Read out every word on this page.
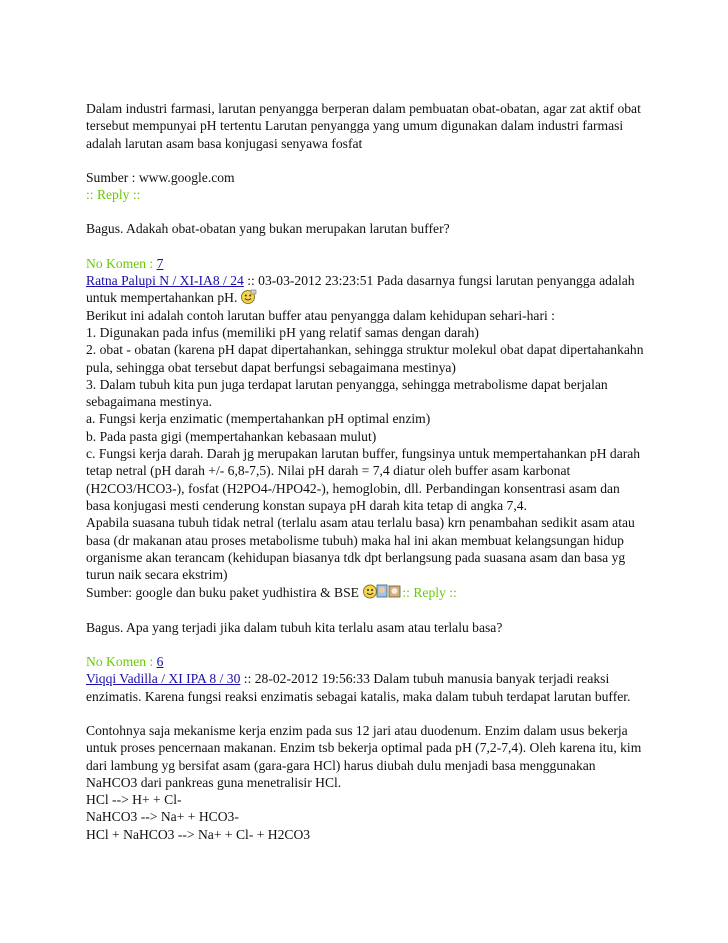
Dalam industri farmasi, larutan penyangga berperan dalam pembuatan obat-obatan, agar zat aktif obat tersebut mempunyai pH tertentu Larutan penyangga yang umum digunakan dalam industri farmasi adalah larutan asam basa konjugasi senyawa fosfat

Sumber : www.google.com

:: Reply ::

Bagus. Adakah obat-obatan yang bukan merupakan larutan buffer?

No Komen : 7

Ratna Palupi N / XI-IA8 / 24 :: 03-03-2012 23:23:51 Pada dasarnya fungsi larutan penyangga adalah untuk mempertahankan pH.

Berikut ini adalah contoh larutan buffer atau penyangga dalam kehidupan sehari-hari :

1. Digunakan pada infus (memiliki pH yang relatif samas dengan darah)

2. obat - obatan (karena pH dapat dipertahankan, sehingga struktur molekul obat dapat dipertahankahn pula, sehingga obat tersebut dapat berfungsi sebagaimana mestinya)

3. Dalam tubuh kita pun juga terdapat larutan penyangga, sehingga metrabolisme dapat berjalan sebagaimana mestinya.

a. Fungsi kerja enzimatic (mempertahankan pH optimal enzim)

b. Pada pasta gigi (mempertahankan kebasaan mulut)

c. Fungsi kerja darah. Darah jg merupakan larutan buffer, fungsinya untuk mempertahankan pH darah tetap netral (pH darah +/- 6,8-7,5). Nilai pH darah = 7,4 diatur oleh buffer asam karbonat (H2CO3/HCO3-), fosfat (H2PO4-/HPO42-), hemoglobin, dll. Perbandingan konsentrasi asam dan basa konjugasi mesti cenderung konstan supaya pH darah kita tetap di angka 7,4.

Apabila suasana tubuh tidak netral (terlalu asam atau terlalu basa) krn penambahan sedikit asam atau basa (dr makanan atau proses metabolisme tubuh) maka hal ini akan membuat kelangsungan hidup organisme akan terancam (kehidupan biasanya tdk dpt berlangsung pada suasana asam dan basa yg turun naik secara ekstrim)

Sumber: google dan buku paket yudhistira & BSE	:: Reply ::

Bagus. Apa yang terjadi jika dalam tubuh kita terlalu asam atau terlalu basa?

No Komen : 6

Viqqi Vadilla / XI IPA 8 / 30 :: 28-02-2012 19:56:33 Dalam tubuh manusia banyak terjadi reaksi enzimatis. Karena fungsi reaksi enzimatis sebagai katalis, maka dalam tubuh terdapat larutan buffer.

Contohnya saja mekanisme kerja enzim pada sus 12 jari atau duodenum. Enzim dalam usus bekerja untuk proses pencernaan makanan. Enzim tsb bekerja optimal pada pH (7,2-7,4). Oleh karena itu, kim dari lambung yg bersifat asam (gara-gara HCl) harus diubah dulu menjadi basa menggunakan NaHCO3 dari pankreas guna menetralisir HCl.

HCl --> H+ + Cl-

NaHCO3 --> Na+ + HCO3-

HCl + NaHCO3 --> Na+ + Cl- + H2CO3
